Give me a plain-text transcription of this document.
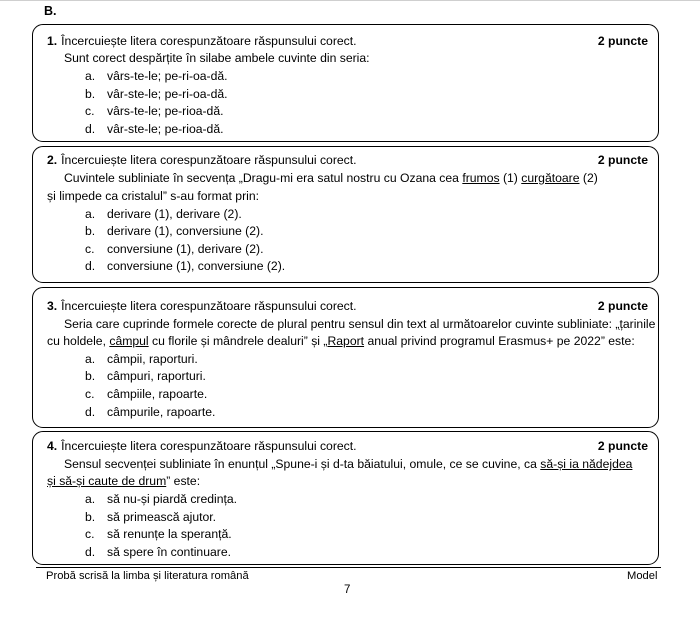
B.
1. Încercuiește litera corespunzătoare răspunsului corect.	2 puncte
Sunt corect despărțite în silabe ambele cuvinte din seria:
a. vârs-te-le; pe-ri-oa-dă.
b. vâr-ste-le; pe-ri-oa-dă.
c. vârs-te-le; pe-rioa-dă.
d. vâr-ste-le; pe-rioa-dă.
2. Încercuiește litera corespunzătoare răspunsului corect.	2 puncte
Cuvintele subliniate în secvența „Dragu-mi era satul nostru cu Ozana cea frumos (1) curgătoare (2)
și limpede ca cristalul” s-au format prin:
a. derivare (1), derivare (2).
b. derivare (1), conversiune (2).
c. conversiune (1), derivare (2).
d. conversiune (1), conversiune (2).
3. Încercuiește litera corespunzătoare răspunsului corect.	2 puncte
Seria care cuprinde formele corecte de plural pentru sensul din text al următoarelor cuvinte subliniate: „țarinile
cu holdele, câmpul cu florile și mândrele dealuri” și „Raport anual privind programul Erasmus+ pe 2022” este:
a. câmpii, raporturi.
b. câmpuri, raporturi.
c. câmpiile, rapoarte.
d. câmpurile, rapoarte.
4. Încercuiește litera corespunzătoare răspunsului corect.	2 puncte
Sensul secvenței subliniate în enunțul „Spune-i și d-ta băiatului, omule, ce se cuvine, ca să-și ia nădejdea
și să-și caute de drum” este:
a. să nu-și piardă credința.
b. să primească ajutor.
c. să renunțe la speranță.
d. să spere în continuare.
Probă scrisă la limba și literatura română	Model
7
